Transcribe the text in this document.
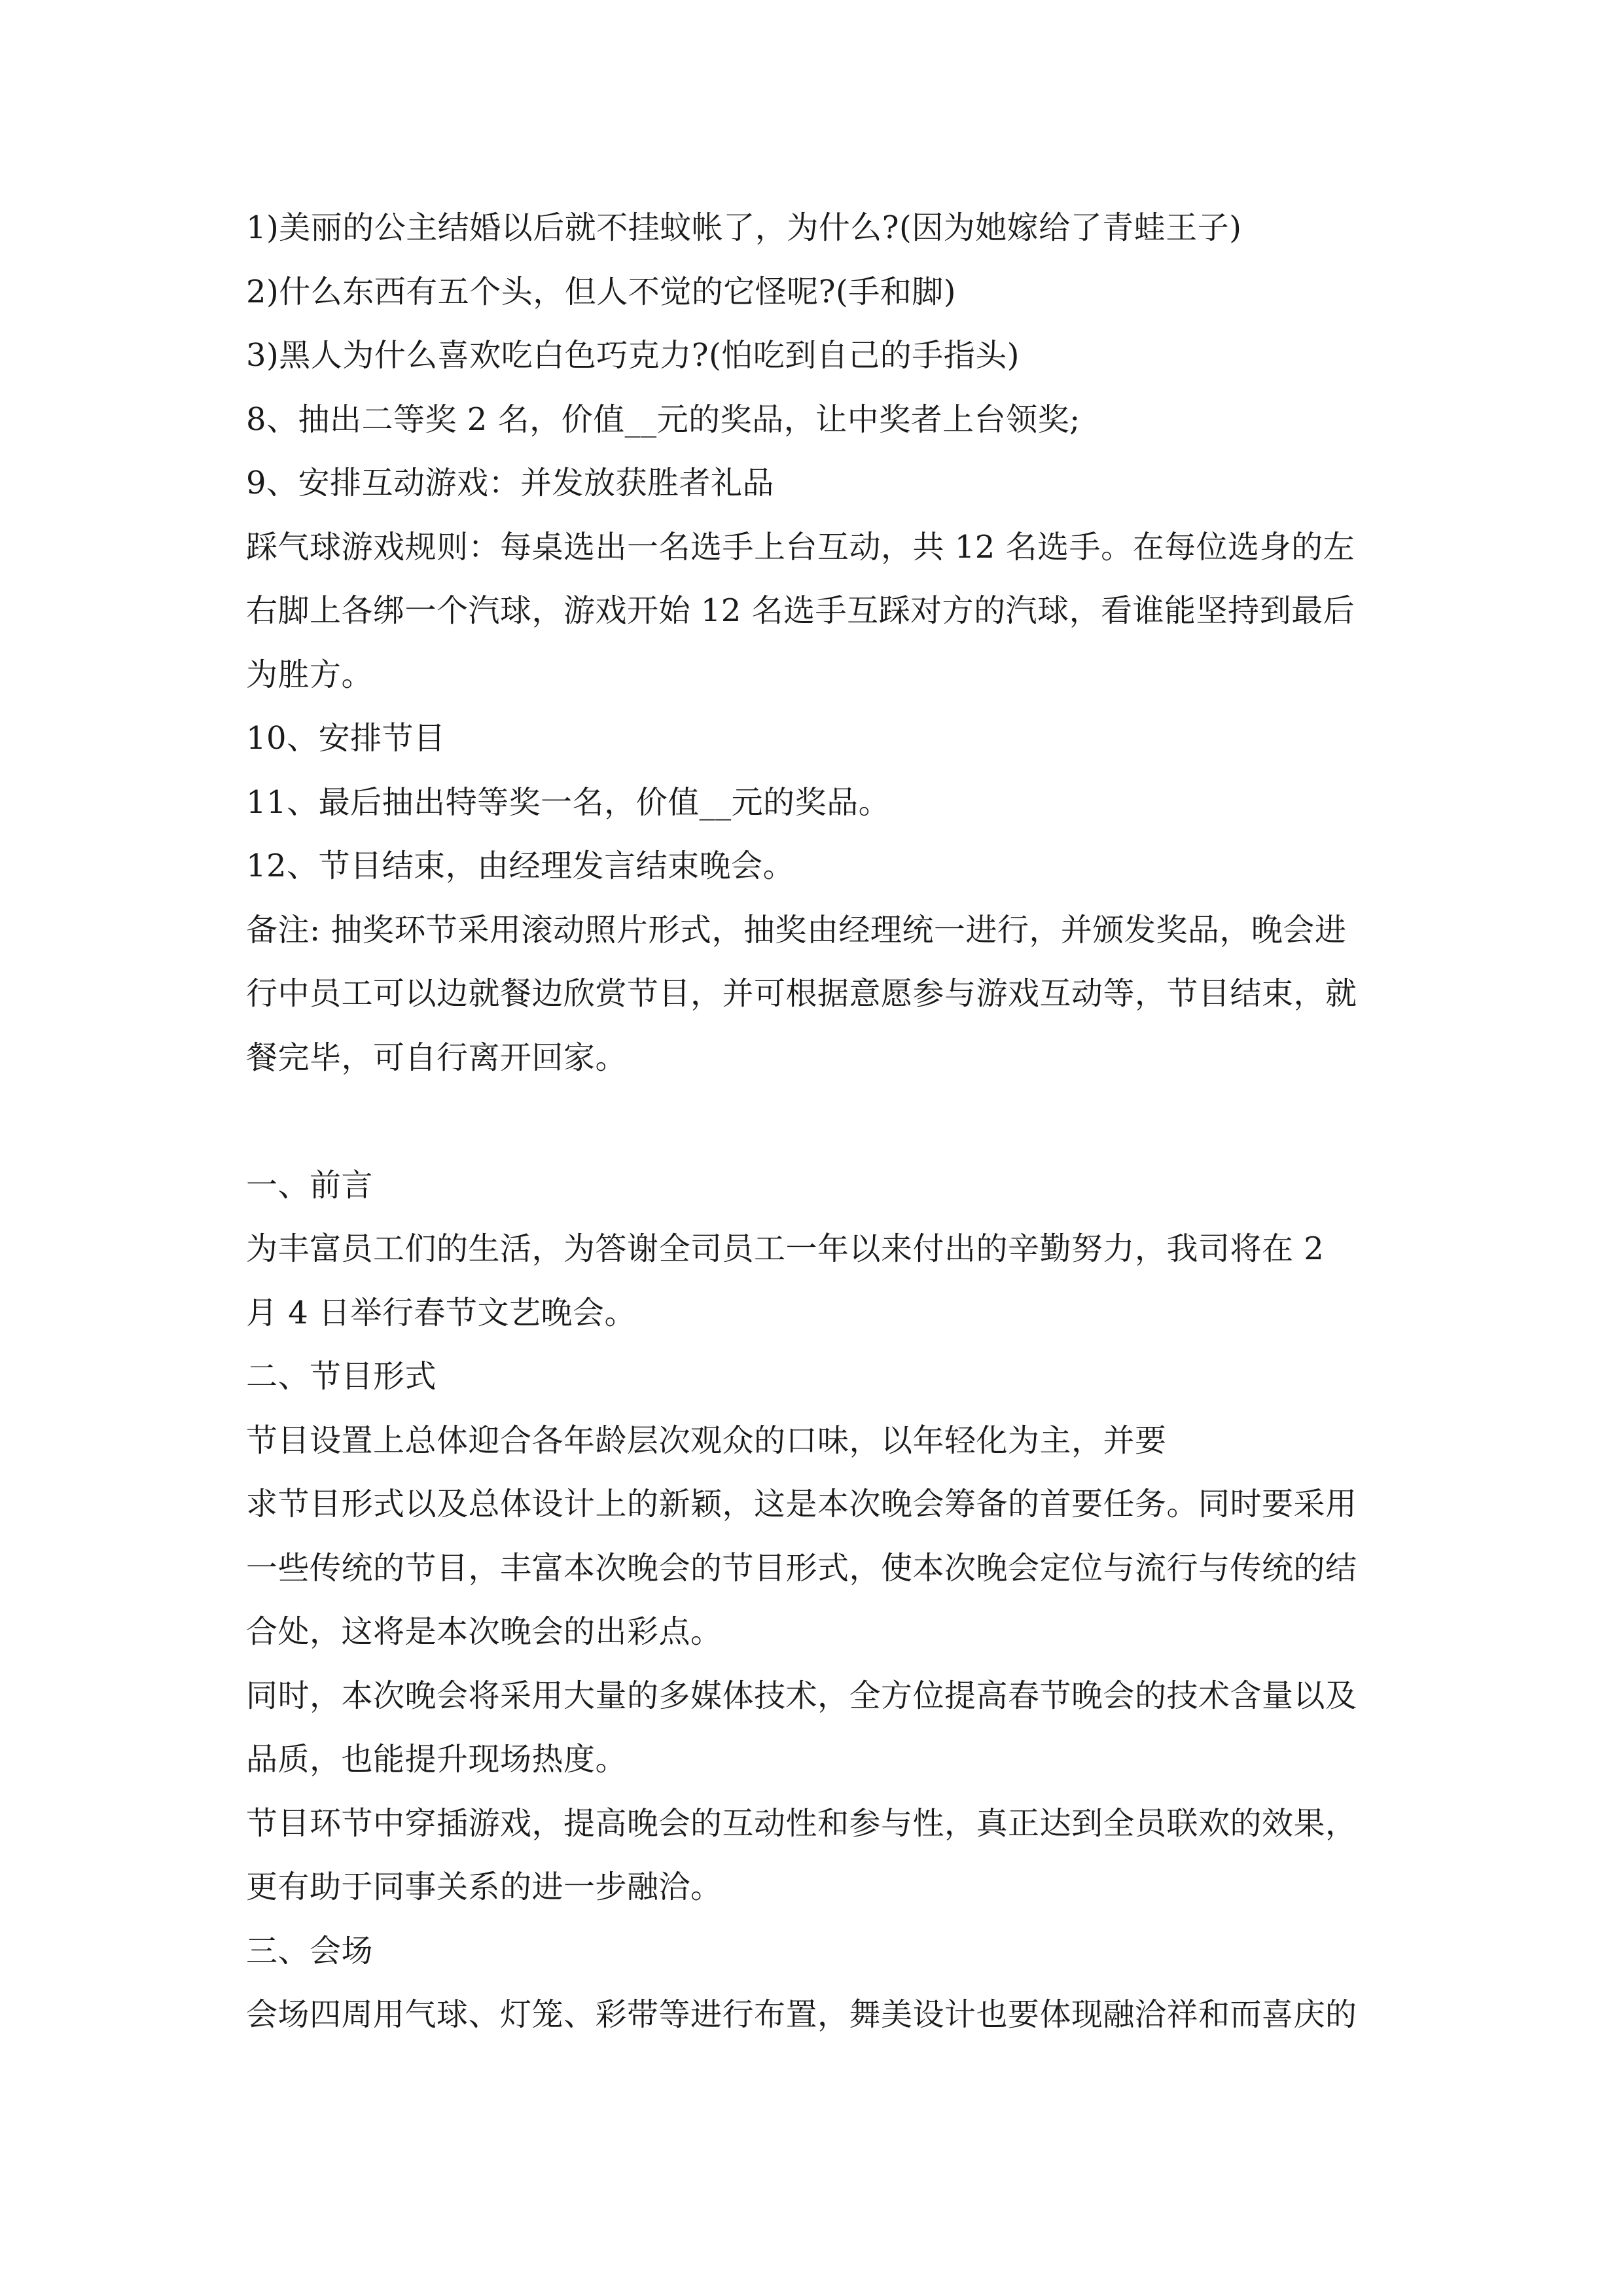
1)美丽的公主结婚以后就不挂蚊帐了，为什么?(因为她嫁给了青蛙王子)
2)什么东西有五个头，但人不觉的它怪呢?(手和脚)
3)黑人为什么喜欢吃白色巧克力?(怕吃到自己的手指头)
8、抽出二等奖 2 名，价值__元的奖品，让中奖者上台领奖;
9、安排互动游戏：并发放获胜者礼品
踩气球游戏规则：每桌选出一名选手上台互动，共 12 名选手。在每位选身的左
右脚上各绑一个汽球，游戏开始 12 名选手互踩对方的汽球，看谁能坚持到最后
为胜方。
10、安排节目
11、最后抽出特等奖一名，价值__元的奖品。
12、节目结束，由经理发言结束晚会。
备注: 抽奖环节采用滚动照片形式，抽奖由经理统一进行，并颁发奖品，晚会进
行中员工可以边就餐边欣赏节目，并可根据意愿参与游戏互动等，节目结束，就
餐完毕，可自行离开回家。
一、前言
为丰富员工们的生活，为答谢全司员工一年以来付出的辛勤努力，我司将在 2
月 4 日举行春节文艺晚会。
二、节目形式
节目设置上总体迎合各年龄层次观众的口味，以年轻化为主，并要
求节目形式以及总体设计上的新颖，这是本次晚会筹备的首要任务。同时要采用
一些传统的节目，丰富本次晚会的节目形式，使本次晚会定位与流行与传统的结
合处，这将是本次晚会的出彩点。
同时，本次晚会将采用大量的多媒体技术，全方位提高春节晚会的技术含量以及
品质，也能提升现场热度。
节目环节中穿插游戏，提高晚会的互动性和参与性，真正达到全员联欢的效果，
更有助于同事关系的进一步融洽。
三、会场
会场四周用气球、灯笼、彩带等进行布置，舞美设计也要体现融洽祥和而喜庆的
